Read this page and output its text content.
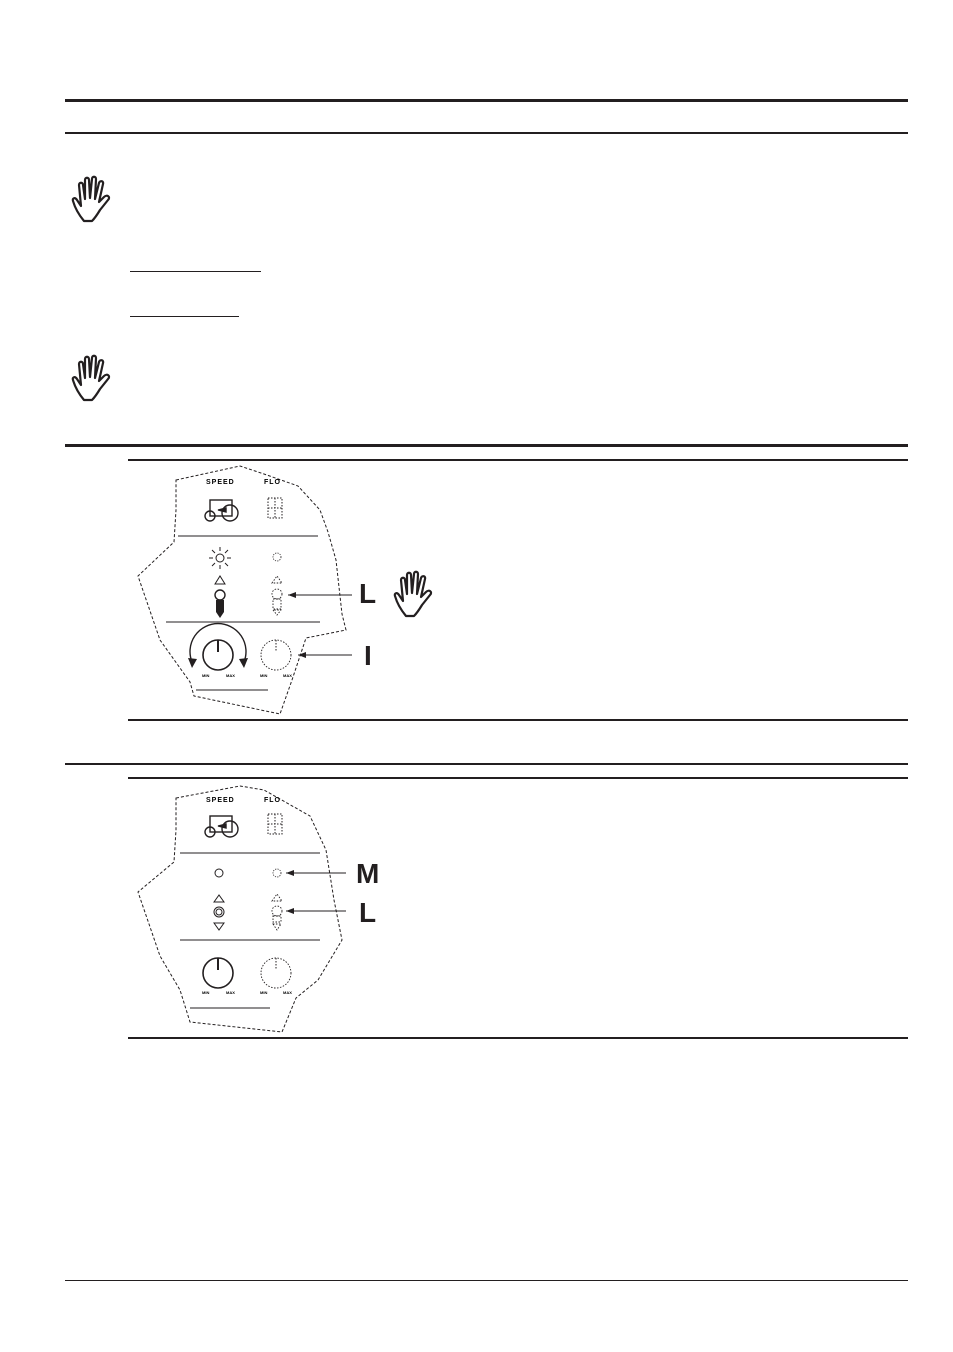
SPEED	FLO
MIN	MAX	MIN	MAX
L
I
SPEED	FLO
MIN	MAX	MIN	MAX
M
L
